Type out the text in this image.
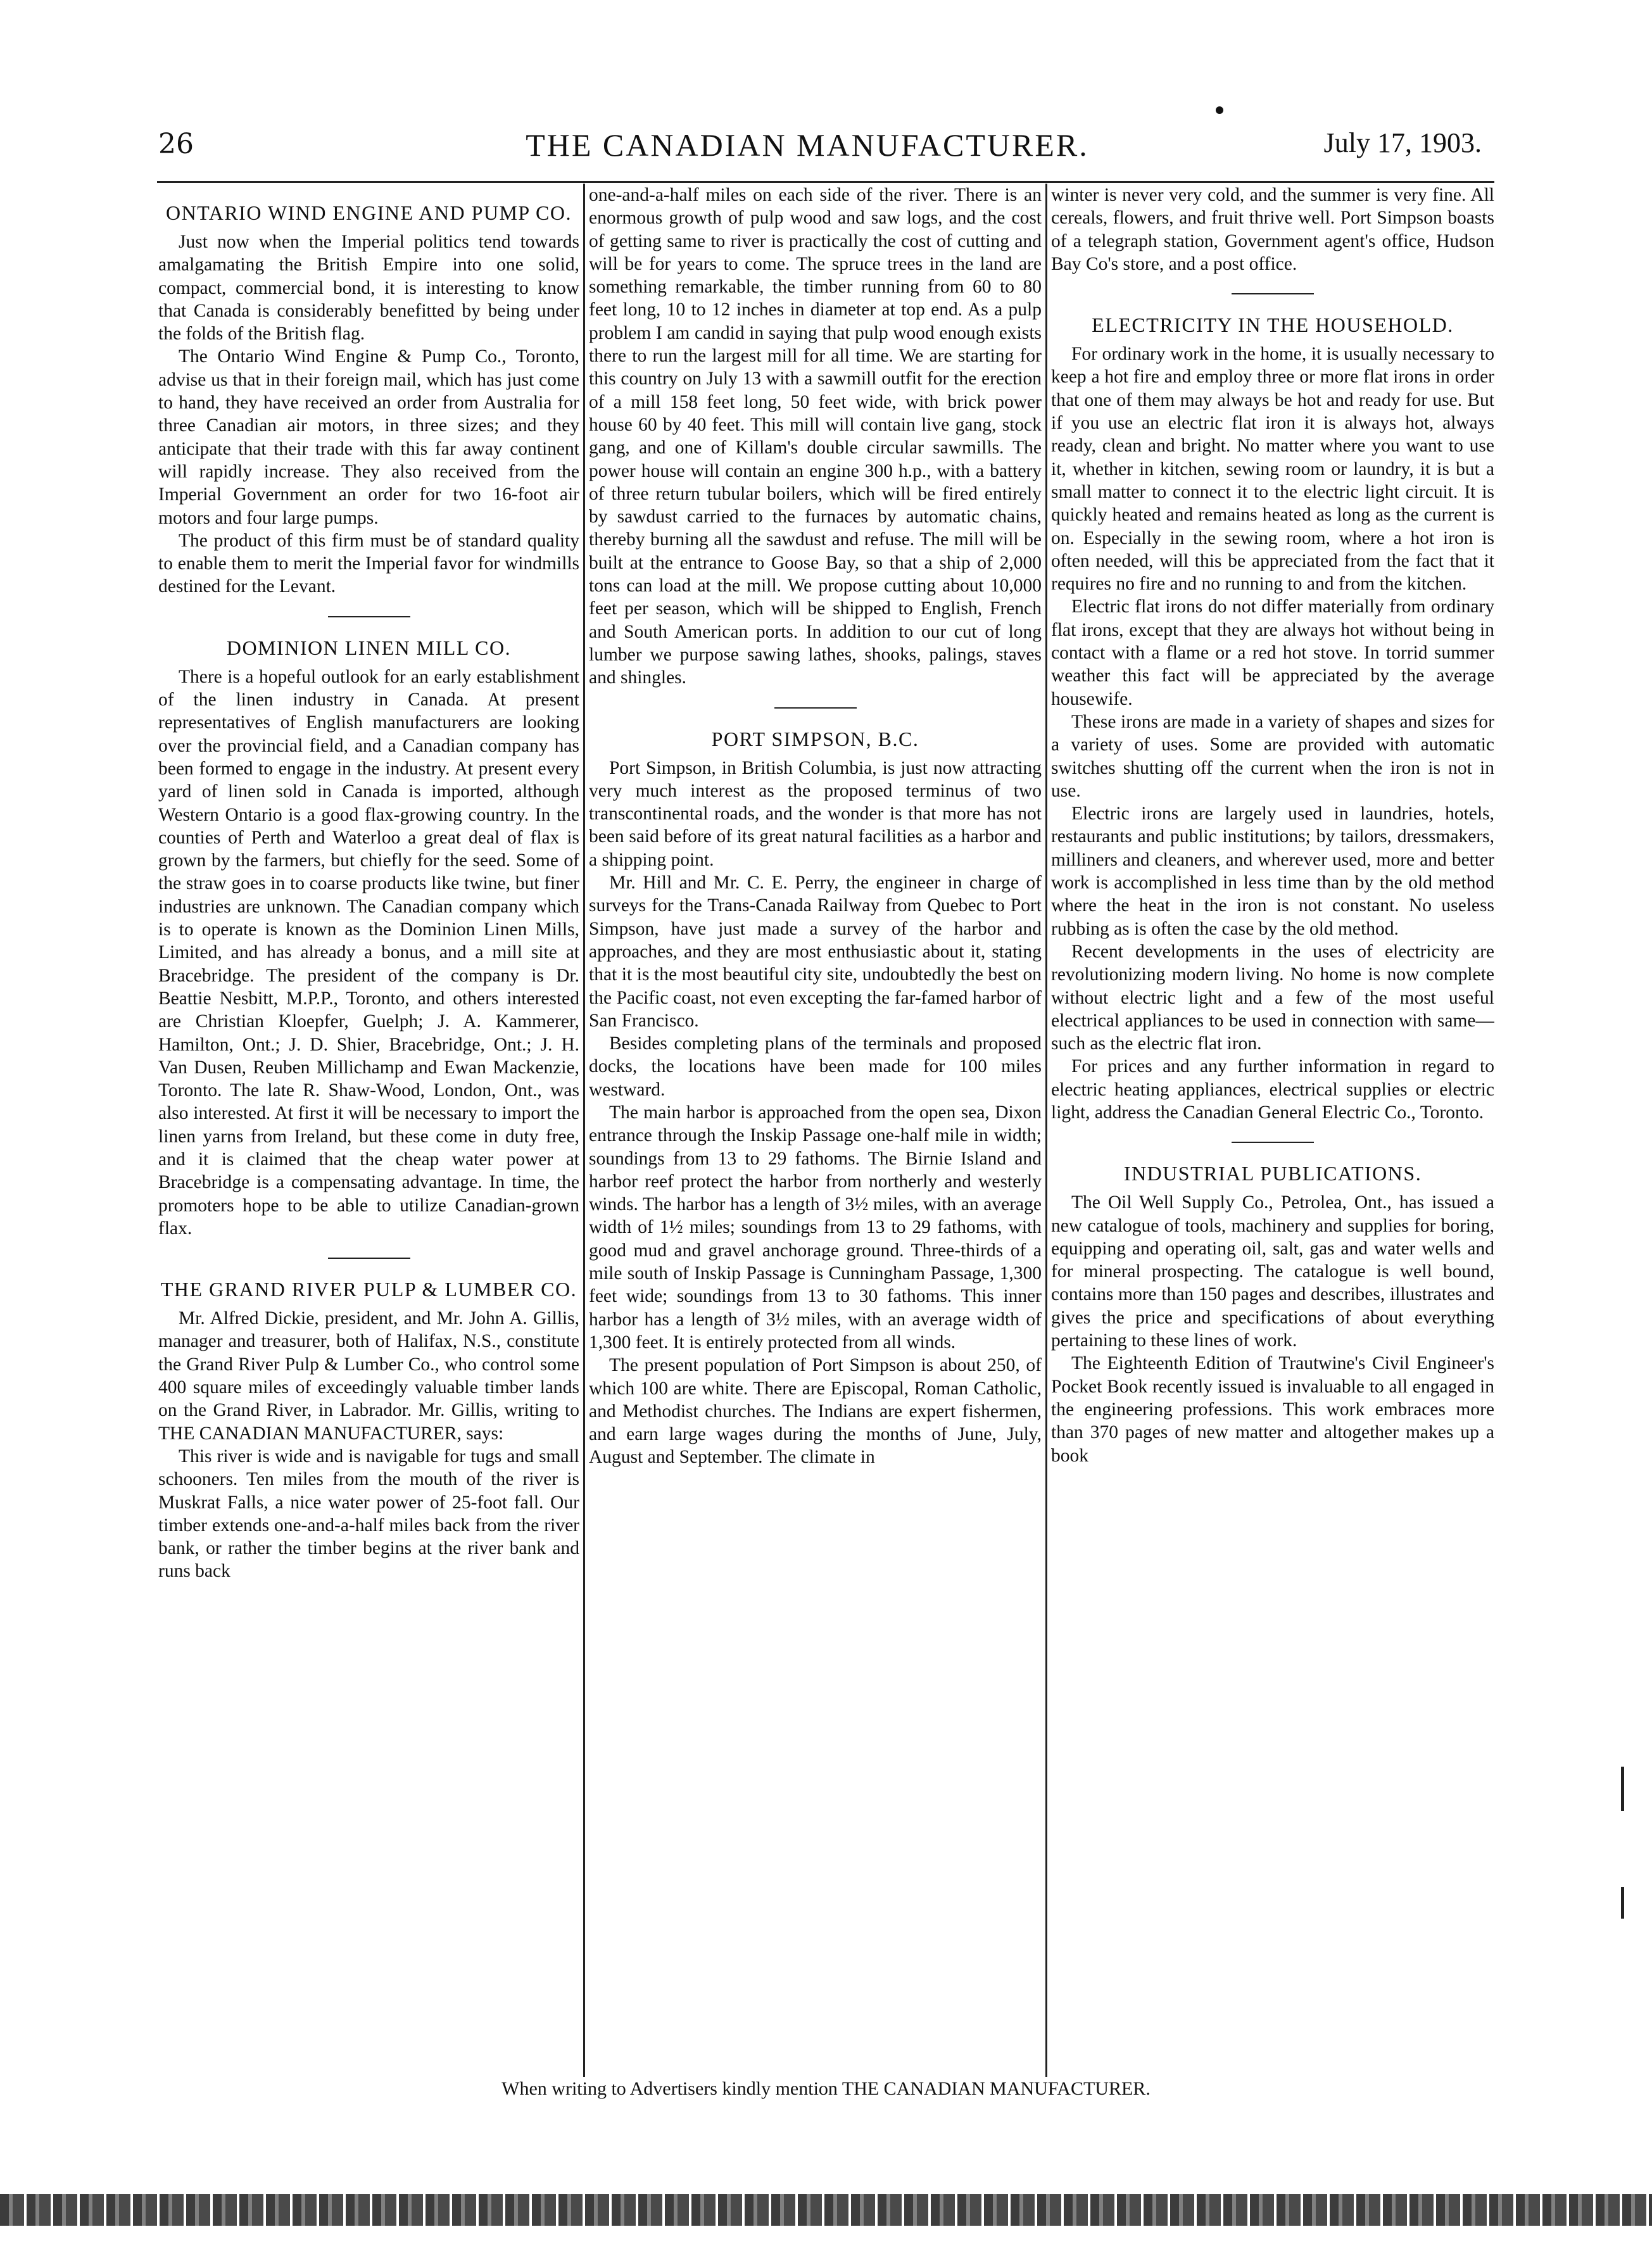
26	THE CANADIAN MANUFACTURER.	July 17, 1903.
ONTARIO WIND ENGINE AND PUMP CO.

Just now when the Imperial politics tend towards amalgamating the British Empire into one solid, compact, commercial bond, it is interesting to know that Canada is considerably benefitted by being under the folds of the British flag.

The Ontario Wind Engine & Pump Co., Toronto, advise us that in their foreign mail, which has just come to hand, they have received an order from Australia for three Canadian air motors, in three sizes; and they anticipate that their trade with this far away continent will rapidly increase. They also received from the Imperial Government an order for two 16-foot air motors and four large pumps.

The product of this firm must be of standard quality to enable them to merit the Imperial favor for windmills destined for the Levant.

DOMINION LINEN MILL CO.

There is a hopeful outlook for an early establishment of the linen industry in Canada. At present representatives of English manufacturers are looking over the provincial field, and a Canadian company has been formed to engage in the industry. At present every yard of linen sold in Canada is imported, although Western Ontario is a good flax-growing country. In the counties of Perth and Waterloo a great deal of flax is grown by the farmers, but chiefly for the seed. Some of the straw goes in to coarse products like twine, but finer industries are unknown. The Canadian company which is to operate is known as the Dominion Linen Mills, Limited, and has already a bonus, and a mill site at Bracebridge. The president of the company is Dr. Beattie Nesbitt, M.P.P., Toronto, and others interested are Christian Kloepfer, Guelph; J. A. Kammerer, Hamilton, Ont.; J. D. Shier, Bracebridge, Ont.; J. H. Van Dusen, Reuben Millichamp and Ewan Mackenzie, Toronto. The late R. Shaw-Wood, London, Ont., was also interested. At first it will be necessary to import the linen yarns from Ireland, but these come in duty free, and it is claimed that the cheap water power at Bracebridge is a compensating advantage. In time, the promoters hope to be able to utilize Canadian-grown flax.

THE GRAND RIVER PULP & LUMBER CO.

Mr. Alfred Dickie, president, and Mr. John A. Gillis, manager and treasurer, both of Halifax, N.S., constitute the Grand River Pulp & Lumber Co., who control some 400 square miles of exceedingly valuable timber lands on the Grand River, in Labrador. Mr. Gillis, writing to THE CANADIAN MANUFACTURER, says:

This river is wide and is navigable for tugs and small schooners. Ten miles from the mouth of the river is Muskrat Falls, a nice water power of 25-foot fall. Our timber extends one-and-a-half miles back from the river bank, or rather the timber begins at the river bank and runs back

one-and-a-half miles on each side of the river. There is an enormous growth of pulp wood and saw logs, and the cost of getting same to river is practically the cost of cutting and will be for years to come. The spruce trees in the land are something remarkable, the timber running from 60 to 80 feet long, 10 to 12 inches in diameter at top end. As a pulp problem I am candid in saying that pulp wood enough exists there to run the largest mill for all time. We are starting for this country on July 13 with a sawmill outfit for the erection of a mill 158 feet long, 50 feet wide, with brick power house 60 by 40 feet. This mill will contain live gang, stock gang, and one of Killam's double circular sawmills. The power house will contain an engine 300 h.p., with a battery of three return tubular boilers, which will be fired entirely by sawdust carried to the furnaces by automatic chains, thereby burning all the sawdust and refuse. The mill will be built at the entrance to Goose Bay, so that a ship of 2,000 tons can load at the mill. We propose cutting about 10,000 feet per season, which will be shipped to English, French and South American ports. In addition to our cut of long lumber we purpose sawing lathes, shooks, palings, staves and shingles.

PORT SIMPSON, B.C.

Port Simpson, in British Columbia, is just now attracting very much interest as the proposed terminus of two transcontinental roads, and the wonder is that more has not been said before of its great natural facilities as a harbor and a shipping point.

Mr. Hill and Mr. C. E. Perry, the engineer in charge of surveys for the Trans-Canada Railway from Quebec to Port Simpson, have just made a survey of the harbor and approaches, and they are most enthusiastic about it, stating that it is the most beautiful city site, undoubtedly the best on the Pacific coast, not even excepting the far-famed harbor of San Francisco.

Besides completing plans of the terminals and proposed docks, the locations have been made for 100 miles westward.

The main harbor is approached from the open sea, Dixon entrance through the Inskip Passage one-half mile in width; soundings from 13 to 29 fathoms. The Birnie Island and harbor reef protect the harbor from northerly and westerly winds. The harbor has a length of 3½ miles, with an average width of 1½ miles; soundings from 13 to 29 fathoms, with good mud and gravel anchorage ground. Three-thirds of a mile south of Inskip Passage is Cunningham Passage, 1,300 feet wide; soundings from 13 to 30 fathoms. This inner harbor has a length of 3½ miles, with an average width of 1,300 feet. It is entirely protected from all winds.

The present population of Port Simpson is about 250, of which 100 are white. There are Episcopal, Roman Catholic, and Methodist churches. The Indians are expert fishermen, and earn large wages during the months of June, July, August and September. The climate in

winter is never very cold, and the summer is very fine. All cereals, flowers, and fruit thrive well. Port Simpson boasts of a telegraph station, Government agent's office, Hudson Bay Co's store, and a post office.

ELECTRICITY IN THE HOUSEHOLD.

For ordinary work in the home, it is usually necessary to keep a hot fire and employ three or more flat irons in order that one of them may always be hot and ready for use. But if you use an electric flat iron it is always hot, always ready, clean and bright. No matter where you want to use it, whether in kitchen, sewing room or laundry, it is but a small matter to connect it to the electric light circuit. It is quickly heated and remains heated as long as the current is on. Especially in the sewing room, where a hot iron is often needed, will this be appreciated from the fact that it requires no fire and no running to and from the kitchen.

Electric flat irons do not differ materially from ordinary flat irons, except that they are always hot without being in contact with a flame or a red hot stove. In torrid summer weather this fact will be appreciated by the average housewife.

These irons are made in a variety of shapes and sizes for a variety of uses. Some are provided with automatic switches shutting off the current when the iron is not in use.

Electric irons are largely used in laundries, hotels, restaurants and public institutions; by tailors, dressmakers, milliners and cleaners, and wherever used, more and better work is accomplished in less time than by the old method where the heat in the iron is not constant. No useless rubbing as is often the case by the old method.

Recent developments in the uses of electricity are revolutionizing modern living. No home is now complete without electric light and a few of the most useful electrical appliances to be used in connection with same—such as the electric flat iron.

For prices and any further information in regard to electric heating appliances, electrical supplies or electric light, address the Canadian General Electric Co., Toronto.

INDUSTRIAL PUBLICATIONS.

The Oil Well Supply Co., Petrolea, Ont., has issued a new catalogue of tools, machinery and supplies for boring, equipping and operating oil, salt, gas and water wells and for mineral prospecting. The catalogue is well bound, contains more than 150 pages and describes, illustrates and gives the price and specifications of about everything pertaining to these lines of work.

The Eighteenth Edition of Trautwine's Civil Engineer's Pocket Book recently issued is invaluable to all engaged in the engineering professions. This work embraces more than 370 pages of new matter and altogether makes up a book

When writing to Advertisers kindly mention THE CANADIAN MANUFACTURER.
